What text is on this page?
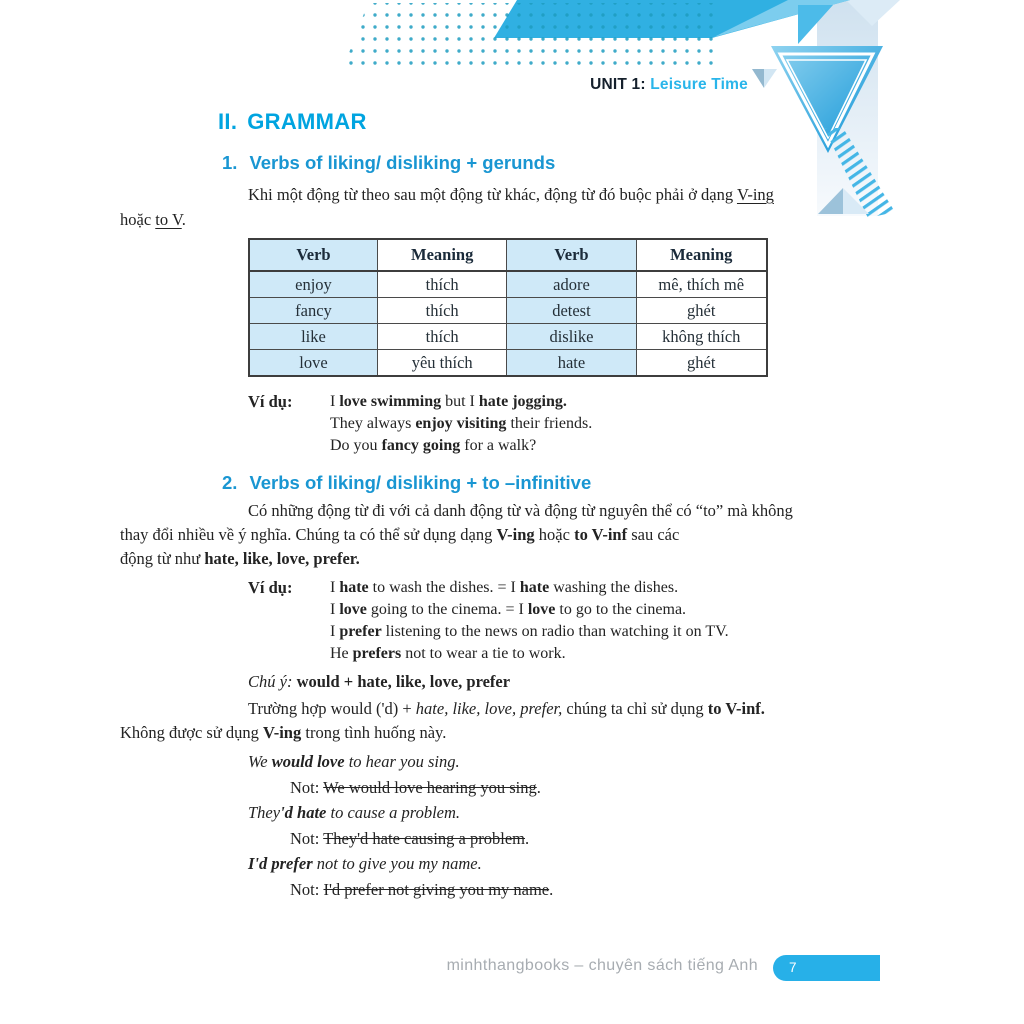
UNIT 1: Leisure Time
II. GRAMMAR
1. Verbs of liking/ disliking + gerunds

Khi một động từ theo sau một động từ khác, động từ đó buộc phải ở dạng V-ing
hoặc to V.

Verb	Meaning	Verb	Meaning
enjoy	thích	adore	mê, thích mê
fancy	thích	detest	ghét
like	thích	dislike	không thích
love	yêu thích	hate	ghét
Ví dụ:	I love swimming but I hate jogging.
They always enjoy visiting their friends.
Do you fancy going for a walk?
2. Verbs of liking/ disliking + to –infinitive

Có những động từ đi với cả danh động từ và động từ nguyên thể có “to” mà không
thay đổi nhiều về ý nghĩa. Chúng ta có thể sử dụng dạng V-ing hoặc to V-inf sau các
động từ như hate, like, love, prefer.

Ví dụ:	I hate to wash the dishes. = I hate washing the dishes.
I love going to the cinema. = I love to go to the cinema.
I prefer listening to the news on radio than watching it on TV.
He prefers not to wear a tie to work.
Chú ý: would + hate, like, love, prefer

Trường hợp would ('d) + hate, like, love, prefer, chúng ta chỉ sử dụng to V-inf.
Không được sử dụng V-ing trong tình huống này.

We would love to hear you sing.
Not: We would love hearing you sing.
They'd hate to cause a problem.
Not: They'd hate causing a problem.
I'd prefer not to give you my name.
Not: I'd prefer not giving you my name.
minhthangbooks – chuyên sách tiếng Anh	7
